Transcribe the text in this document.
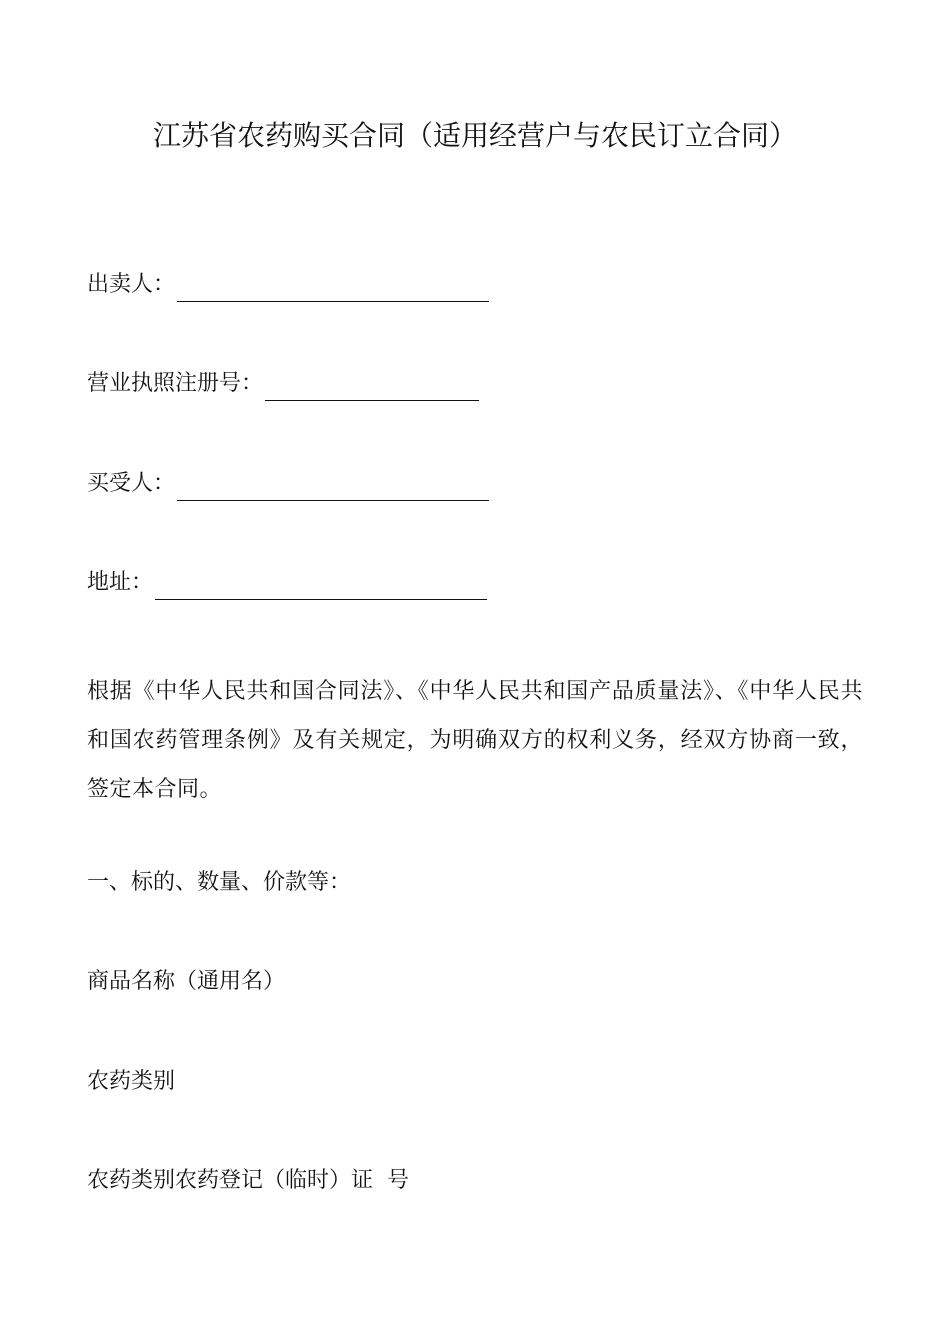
江苏省农药购买合同（适用经营户与农民订立合同）
出卖人：
营业执照注册号：
买受人：
地址：
根据《中华人民共和国合同法》、《中华人民共和国产品质量法》、《中华人民共和国农药管理条例》及有关规定，为明确双方的权利义务，经双方协商一致，签定本合同。
一、标的、数量、价款等：
商品名称（通用名）
农药类别
农药类别农药登记（临时）证  号
